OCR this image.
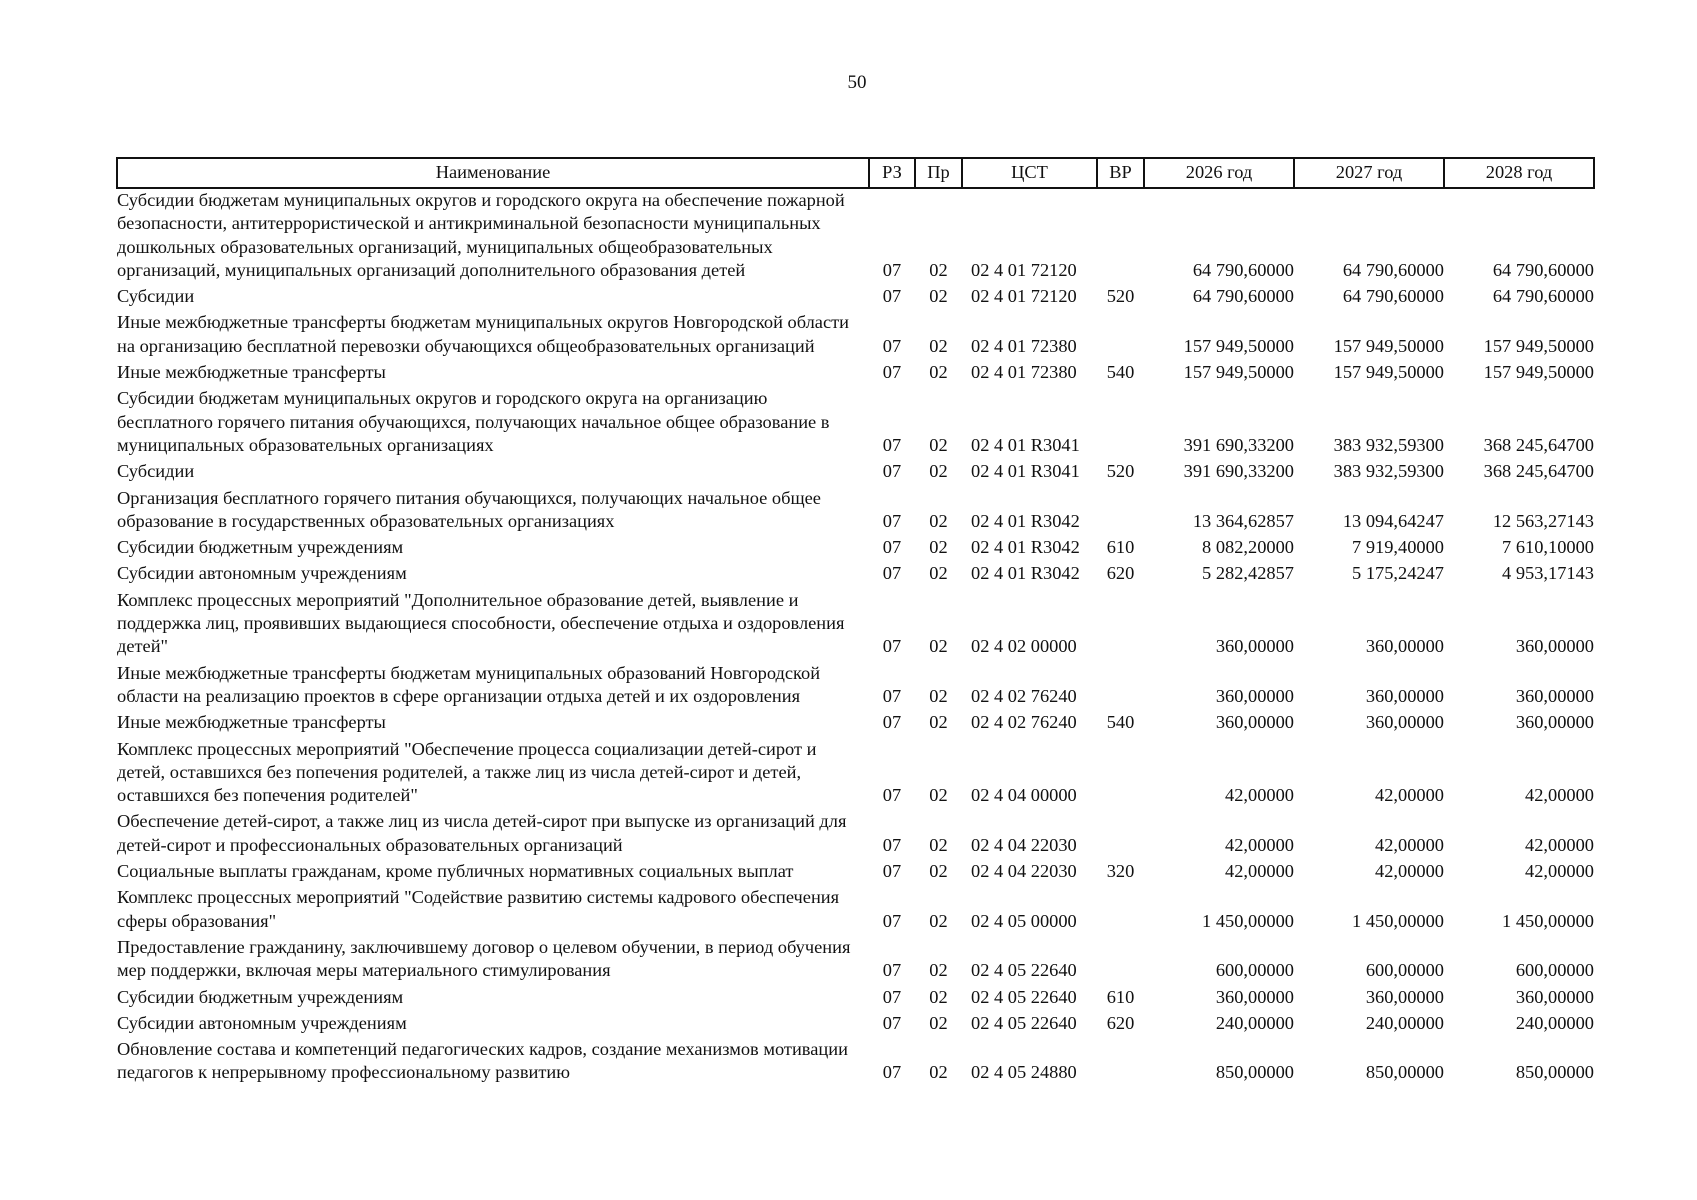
50
Наименование	РЗ	Пр	ЦСТ	ВР	2026 год	2027 год	2028 год
Субсидии бюджетам муниципальных округов и городского округа на обеспечение пожарной безопасности, антитеррористической и антикриминальной безопасности муниципальных дошкольных образовательных организаций, муниципальных общеобразовательных организаций, муниципальных организаций дополнительного образования детей	07	02	02 4 01 72120		64 790,60000	64 790,60000	64 790,60000
Субсидии	07	02	02 4 01 72120	520	64 790,60000	64 790,60000	64 790,60000
Иные межбюджетные трансферты бюджетам муниципальных округов Новгородской области на организацию бесплатной перевозки обучающихся общеобразовательных организаций	07	02	02 4 01 72380		157 949,50000	157 949,50000	157 949,50000
Иные межбюджетные трансферты	07	02	02 4 01 72380	540	157 949,50000	157 949,50000	157 949,50000
Субсидии бюджетам муниципальных округов и городского округа на организацию бесплатного горячего питания обучающихся, получающих начальное общее образование в муниципальных образовательных организациях	07	02	02 4 01 R3041		391 690,33200	383 932,59300	368 245,64700
Субсидии	07	02	02 4 01 R3041	520	391 690,33200	383 932,59300	368 245,64700
Организация бесплатного горячего питания обучающихся, получающих начальное общее образование в государственных образовательных организациях	07	02	02 4 01 R3042		13 364,62857	13 094,64247	12 563,27143
Субсидии бюджетным учреждениям	07	02	02 4 01 R3042	610	8 082,20000	7 919,40000	7 610,10000
Субсидии автономным учреждениям	07	02	02 4 01 R3042	620	5 282,42857	5 175,24247	4 953,17143
Комплекс процессных мероприятий "Дополнительное образование детей, выявление и поддержка лиц, проявивших выдающиеся способности, обеспечение отдыха и оздоровления детей"	07	02	02 4 02 00000		360,00000	360,00000	360,00000
Иные межбюджетные трансферты бюджетам муниципальных образований Новгородской области на реализацию проектов в сфере организации отдыха детей и их оздоровления	07	02	02 4 02 76240		360,00000	360,00000	360,00000
Иные межбюджетные трансферты	07	02	02 4 02 76240	540	360,00000	360,00000	360,00000
Комплекс процессных мероприятий "Обеспечение процесса социализации детей-сирот и детей, оставшихся без попечения родителей, а также лиц из числа детей-сирот и детей, оставшихся без попечения родителей"	07	02	02 4 04 00000		42,00000	42,00000	42,00000
Обеспечение детей-сирот, а также лиц из числа детей-сирот при выпуске из организаций для детей-сирот и профессиональных образовательных организаций	07	02	02 4 04 22030		42,00000	42,00000	42,00000
Социальные выплаты гражданам, кроме публичных нормативных социальных выплат	07	02	02 4 04 22030	320	42,00000	42,00000	42,00000
Комплекс процессных мероприятий "Содействие развитию системы кадрового обеспечения сферы образования"	07	02	02 4 05 00000		1 450,00000	1 450,00000	1 450,00000
Предоставление гражданину, заключившему договор о целевом обучении, в период обучения мер поддержки, включая меры материального стимулирования	07	02	02 4 05 22640		600,00000	600,00000	600,00000
Субсидии бюджетным учреждениям	07	02	02 4 05 22640	610	360,00000	360,00000	360,00000
Субсидии автономным учреждениям	07	02	02 4 05 22640	620	240,00000	240,00000	240,00000
Обновление состава и компетенций педагогических кадров, создание механизмов мотивации педагогов к непрерывному профессиональному развитию	07	02	02 4 05 24880		850,00000	850,00000	850,00000
